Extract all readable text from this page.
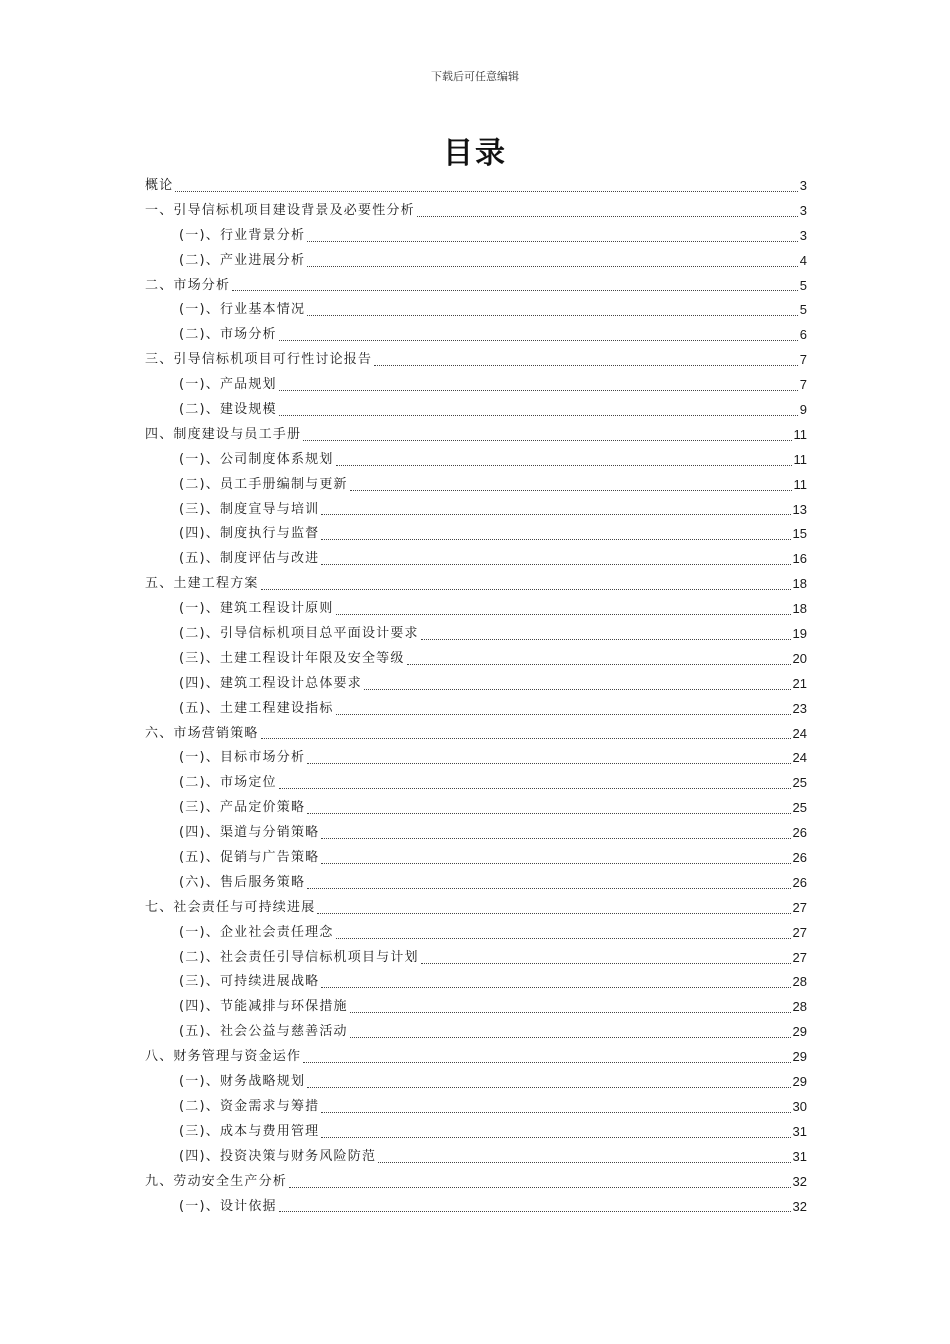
下载后可任意编辑
目录
概论	3
一、引导信标机项目建设背景及必要性分析	3
(一)、行业背景分析	3
(二)、产业进展分析	4
二、市场分析	5
(一)、行业基本情况	5
(二)、市场分析	6
三、引导信标机项目可行性讨论报告	7
(一)、产品规划	7
(二)、建设规模	9
四、制度建设与员工手册	11
(一)、公司制度体系规划	11
(二)、员工手册编制与更新	11
(三)、制度宣导与培训	13
(四)、制度执行与监督	15
(五)、制度评估与改进	16
五、土建工程方案	18
(一)、建筑工程设计原则	18
(二)、引导信标机项目总平面设计要求	19
(三)、土建工程设计年限及安全等级	20
(四)、建筑工程设计总体要求	21
(五)、土建工程建设指标	23
六、市场营销策略	24
(一)、目标市场分析	24
(二)、市场定位	25
(三)、产品定价策略	25
(四)、渠道与分销策略	26
(五)、促销与广告策略	26
(六)、售后服务策略	26
七、社会责任与可持续进展	27
(一)、企业社会责任理念	27
(二)、社会责任引导信标机项目与计划	27
(三)、可持续进展战略	28
(四)、节能减排与环保措施	28
(五)、社会公益与慈善活动	29
八、财务管理与资金运作	29
(一)、财务战略规划	29
(二)、资金需求与筹措	30
(三)、成本与费用管理	31
(四)、投资决策与财务风险防范	31
九、劳动安全生产分析	32
(一)、设计依据	32
